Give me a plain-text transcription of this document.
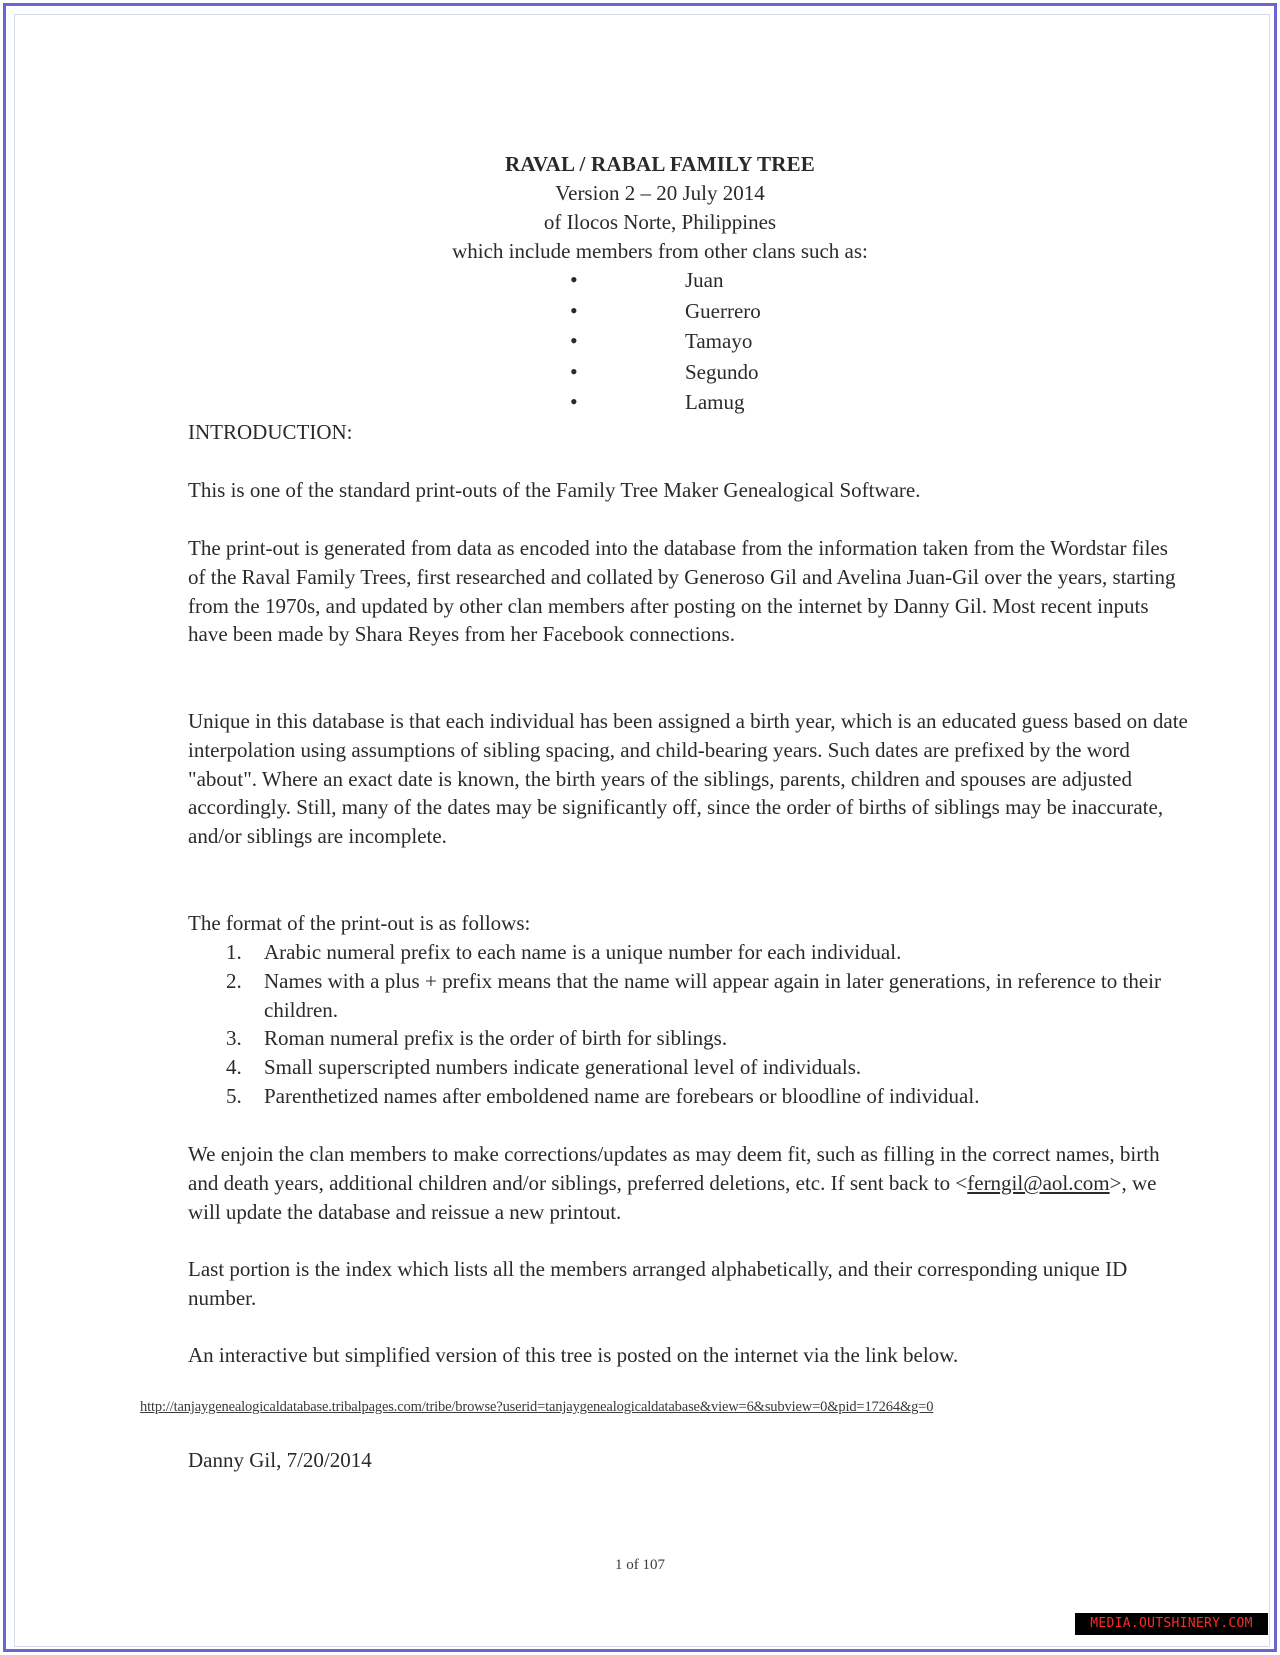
RAVAL / RABAL FAMILY TREE
Version 2 – 20 July 2014
of Ilocos Norte, Philippines
which include members from other clans such as:
• Juan
• Guerrero
• Tamayo
• Segundo
• Lamug

INTRODUCTION:

This is one of the standard print-outs of the Family Tree Maker Genealogical Software.

The print-out is generated from data as encoded into the database from the information taken from the Wordstar files of the Raval Family Trees, first researched and collated by Generoso Gil and Avelina Juan-Gil over the years, starting from the 1970s, and updated by other clan members after posting on the internet by Danny Gil. Most recent inputs have been made by Shara Reyes from her Facebook connections.

Unique in this database is that each individual has been assigned a birth year, which is an educated guess based on date interpolation using assumptions of sibling spacing, and child-bearing years. Such dates are prefixed by the word "about". Where an exact date is known, the birth years of the siblings, parents, children and spouses are adjusted accordingly. Still, many of the dates may be significantly off, since the order of births of siblings may be inaccurate, and/or siblings are incomplete.

The format of the print-out is as follows:

1. Arabic numeral prefix to each name is a unique number for each individual.
2. Names with a plus + prefix means that the name will appear again in later generations, in reference to their children.
3. Roman numeral prefix is the order of birth for siblings.
4. Small superscripted numbers indicate generational level of individuals.
5. Parenthetized names after emboldened name are forebears or bloodline of individual.

We enjoin the clan members to make corrections/updates as may deem fit, such as filling in the correct names, birth and death years, additional children and/or siblings, preferred deletions, etc. If sent back to <ferngil@aol.com>, we will update the database and reissue a new printout.

Last portion is the index which lists all the members arranged alphabetically, and their corresponding unique ID number.

An interactive but simplified version of this tree is posted on the internet via the link below.

http://tanjaygenealogicaldatabase.tribalpages.com/tribe/browse?userid=tanjaygenealogicaldatabase&view=6&subview=0&pid=17264&g=0
Danny Gil, 7/20/2014
1 of 107
MEDIA.OUTSHINERY.COM
